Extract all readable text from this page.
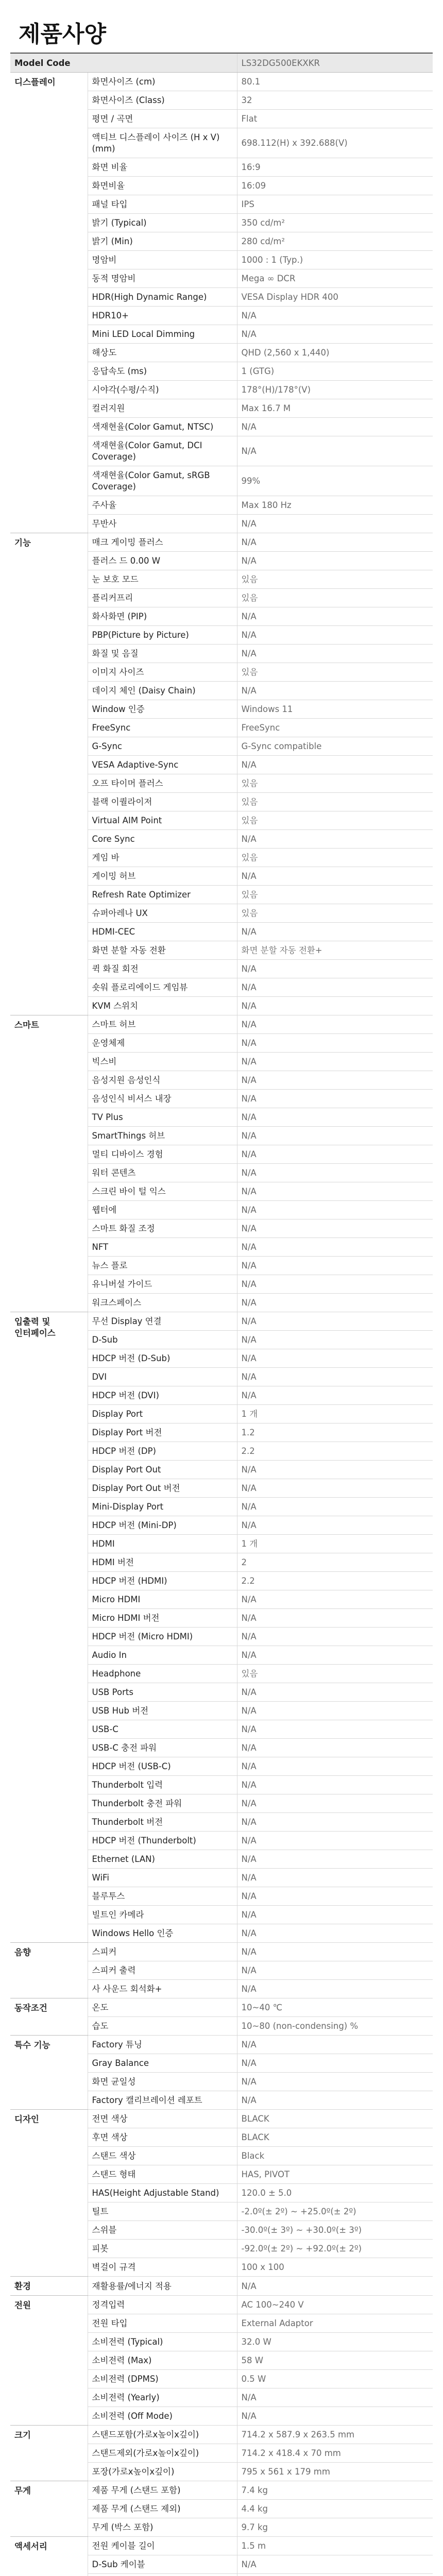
제품사양
Model Code		LS32DG500EKXKR
디스플레이	화면사이즈 (cm)	80.1
	화면사이즈 (Class)	32
	평면 / 곡면	Flat
	액티브 디스플레이 사이즈 (H x V) (mm)	698.112(H) x 392.688(V)
	화면 비율	16:9
	화면비율	16:09
	패널 타입	IPS
	밝기 (Typical)	350 cd/m²
	밝기 (Min)	280 cd/m²
	명암비	1000 : 1 (Typ.)
	동적 명암비	Mega ∞ DCR
	HDR(High Dynamic Range)	VESA Display HDR 400
	HDR10+	N/A
	Mini LED Local Dimming	N/A
	해상도	QHD (2,560 x 1,440)
	응답속도 (ms)	1 (GTG)
	시야각(수평/수직)	178°(H)/178°(V)
	컬러지원	Max 16.7 M
	색재현율(Color Gamut, NTSC)	N/A
	색재현율(Color Gamut, DCI Coverage)	N/A
	색재현율(Color Gamut, sRGB Coverage)	99%
	주사율	Max 180 Hz
	무반사	N/A
기능	매크 게이밍 플러스	N/A
	플러스 드 0.00 W	N/A
	눈 보호 모드	있음
	플리커프리	있음
	화사화면 (PIP)	N/A
	PBP(Picture by Picture)	N/A
	화질 및 음질	N/A
	이미지 사이즈	있음
	데이지 체인 (Daisy Chain)	N/A
	Window 인증	Windows 11
	FreeSync	FreeSync
	G-Sync	G-Sync compatible
	VESA Adaptive-Sync	N/A
	오프 타이머 플러스	있음
	블랙 이퀄라이저	있음
	Virtual AIM Point	있음
	Core Sync	N/A
	게임 바	있음
	게이밍 허브	N/A
	Refresh Rate Optimizer	있음
	슈퍼아레나 UX	있음
	HDMI-CEC	N/A
	화면 분할 자동 전환	화면 분할 자동 전환+
	퀵 화질 회전	N/A
	숏워 플로리에이드 게임뷰	N/A
	KVM 스위치	N/A
스마트	스마트 허브	N/A
	운영체제	N/A
	빅스비	N/A
	음성지원 음성인식	N/A
	음성인식 비서스 내장	N/A
	TV Plus	N/A
	SmartThings 허브	N/A
	멀티 디바이스 경험	N/A
	워터 콘텐츠	N/A
	스크린 바이 털 익스	N/A
	웹터에	N/A
	스마트 화질 조정	N/A
	NFT	N/A
	뉴스 플로	N/A
	유니버설 가이드	N/A
	워크스페이스	N/A
입출력 및 인터페이스	무선 Display 연결	N/A
	D-Sub	N/A
	HDCP 버전 (D-Sub)	N/A
	DVI	N/A
	HDCP 버전 (DVI)	N/A
	Display Port	1 개
	Display Port 버전	1.2
	HDCP 버전 (DP)	2.2
	Display Port Out	N/A
	Display Port Out 버전	N/A
	Mini-Display Port	N/A
	HDCP 버전 (Mini-DP)	N/A
	HDMI	1 개
	HDMI 버전	2
	HDCP 버전 (HDMI)	2.2
	Micro HDMI	N/A
	Micro HDMI 버전	N/A
	HDCP 버전 (Micro HDMI)	N/A
	Audio In	N/A
	Headphone	있음
	USB Ports	N/A
	USB Hub 버전	N/A
	USB-C	N/A
	USB-C 충전 파워	N/A
	HDCP 버전 (USB-C)	N/A
	Thunderbolt 입력	N/A
	Thunderbolt 충전 파워	N/A
	Thunderbolt 버전	N/A
	HDCP 버전 (Thunderbolt)	N/A
	Ethernet (LAN)	N/A
	WiFi	N/A
	블루투스	N/A
	빌트인 카메라	N/A
	Windows Hello 인증	N/A
음향	스피커	N/A
	스피커 출력	N/A
	사 사운드 회석화+	N/A
동작조건	온도	10~40 ℃
	습도	10~80 (non-condensing) %
특수 기능	Factory 튜닝	N/A
	Gray Balance	N/A
	화면 균일성	N/A
	Factory 캘리브레이션 레포트	N/A
디자인	전면 색상	BLACK
	후면 색상	BLACK
	스탠드 색상	Black
	스탠드 형태	HAS, PIVOT
	HAS(Height Adjustable Stand)	120.0 ± 5.0
	틸트	-2.0º(± 2º) ~ +25.0º(± 2º)
	스위블	-30.0º(± 3º) ~ +30.0º(± 3º)
	피봇	-92.0º(± 2º) ~ +92.0º(± 2º)
	벽걸이 규격	100 x 100
환경	재활용률/에너지 적용	N/A
전원	정격입력	AC 100~240 V
	전원 타입	External Adaptor
	소비전력 (Typical)	32.0 W
	소비전력 (Max)	58 W
	소비전력 (DPMS)	0.5 W
	소비전력 (Yearly)	N/A
	소비전력 (Off Mode)	N/A
크기	스탠드포함(가로x높이x깊이)	714.2 x 587.9 x 263.5 mm
	스탠드제외(가로x높이x깊이)	714.2 x 418.4 x 70 mm
	포장(가로x높이x깊이)	795 x 561 x 179 mm
무게	제품 무게 (스탠드 포함)	7.4 kg
	제품 무게 (스탠드 제외)	4.4 kg
	무게 (박스 포함)	9.7 kg
액세서리	전원 케이블 길이	1.5 m
	D-Sub 케이블	N/A
